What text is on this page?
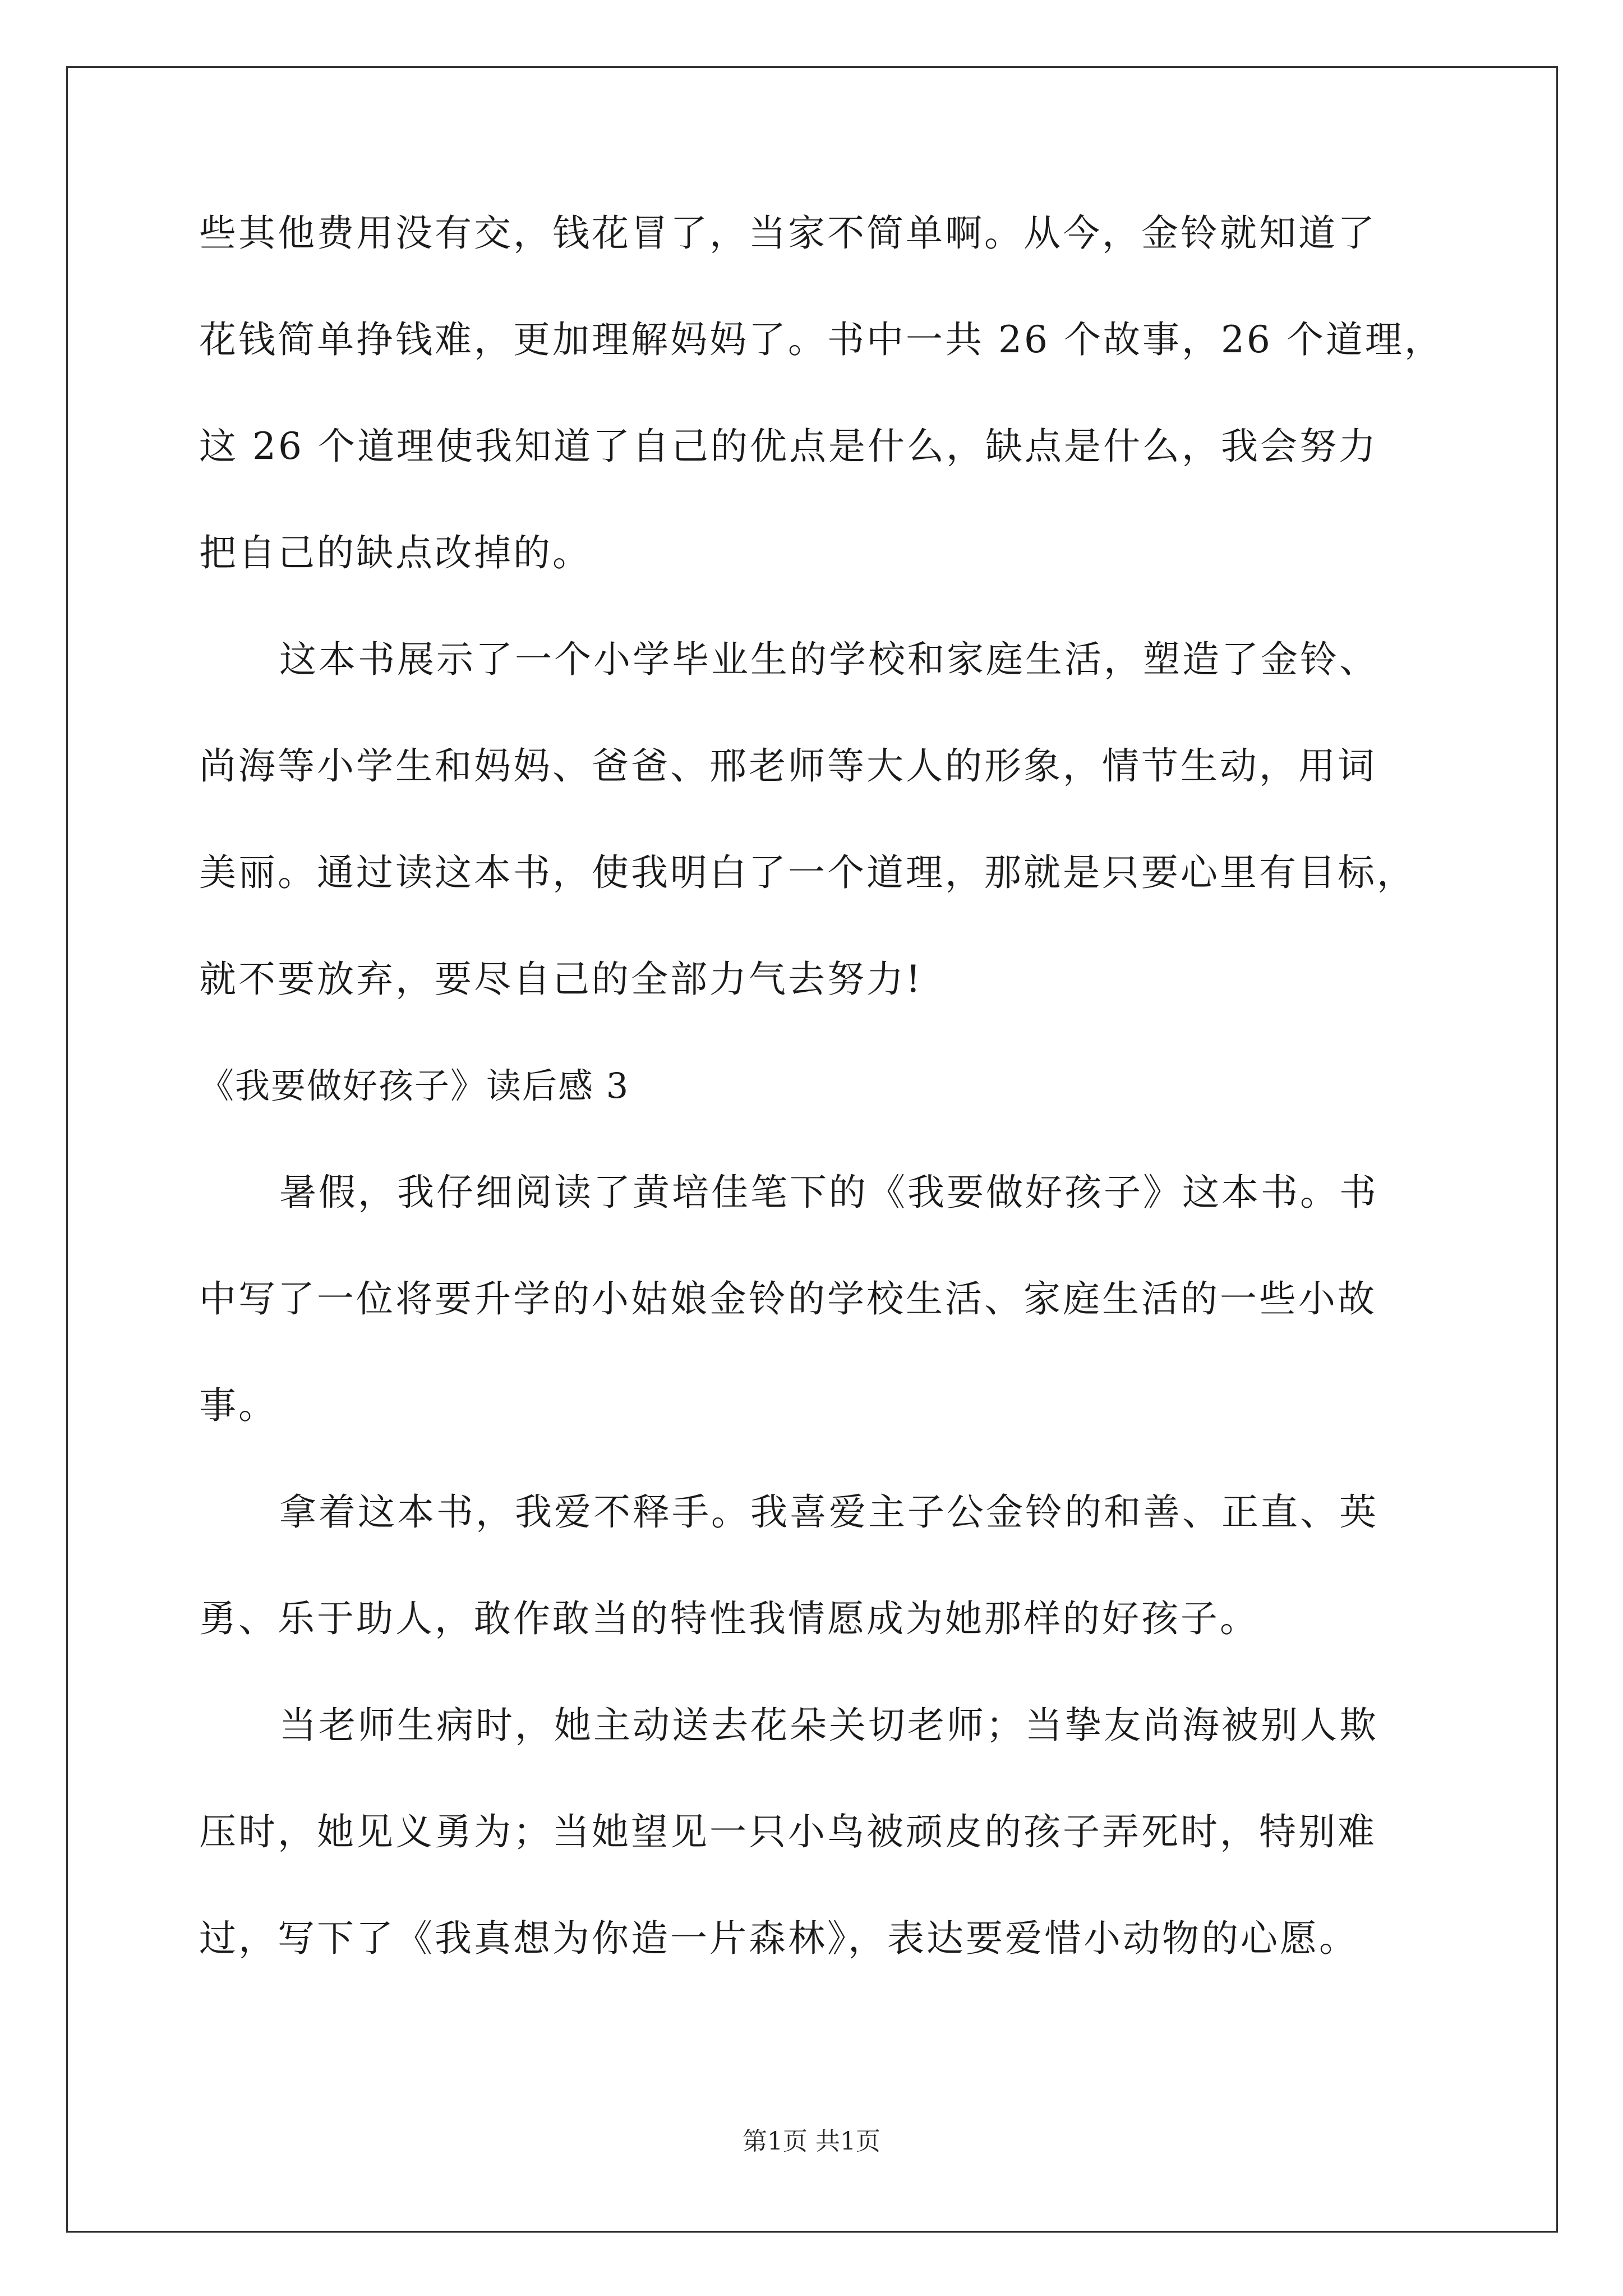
些其他费用没有交，钱花冒了，当家不简单啊。从今，金铃就知道了
花钱简单挣钱难，更加理解妈妈了。书中一共 26 个故事，26 个道理，
这 26 个道理使我知道了自己的优点是什么，缺点是什么，我会努力
把自己的缺点改掉的。
这本书展示了一个小学毕业生的学校和家庭生活，塑造了金铃、
尚海等小学生和妈妈、爸爸、邢老师等大人的形象，情节生动，用词
美丽。通过读这本书，使我明白了一个道理，那就是只要心里有目标，
就不要放弃，要尽自己的全部力气去努力!
《我要做好孩子》读后感 3
暑假，我仔细阅读了黄培佳笔下的《我要做好孩子》这本书。书
中写了一位将要升学的小姑娘金铃的学校生活、家庭生活的一些小故
事。
拿着这本书，我爱不释手。我喜爱主子公金铃的和善、正直、英
勇、乐于助人，敢作敢当的特性我情愿成为她那样的好孩子。
当老师生病时，她主动送去花朵关切老师；当挚友尚海被别人欺
压时，她见义勇为；当她望见一只小鸟被顽皮的孩子弄死时，特别难
过，写下了《我真想为你造一片森林》，表达要爱惜小动物的心愿。
第1页 共1页
